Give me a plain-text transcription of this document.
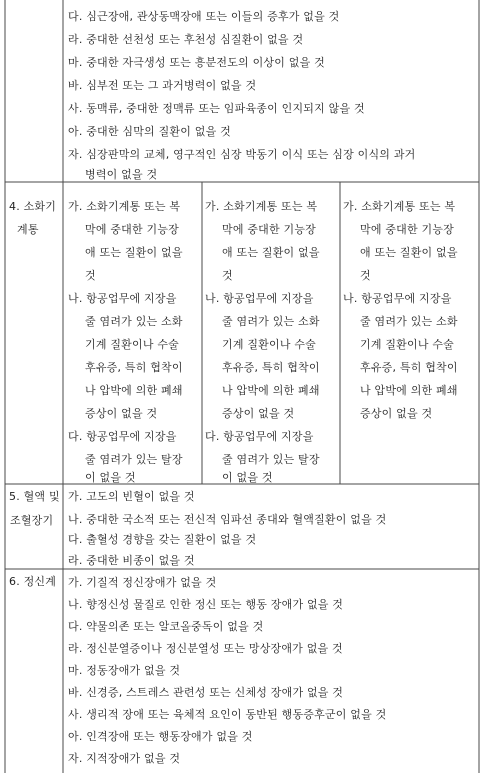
다. 심근장애, 관상동맥장애 또는 이들의 증후가 없을 것
라. 중대한 선천성 또는 후천성 심질환이 없을 것
마. 중대한 자극생성 또는 흥분전도의 이상이 없을 것
바. 심부전 또는 그 과거병력이 없을 것
사. 동맥류, 중대한 정맥류 또는 임파육종이 인지되지 않을 것
아. 중대한 심막의 질환이 없을 것
자. 심장판막의 교체, 영구적인 심장 박동기 이식 또는 심장 이식의 과거
병력이 없을 것
4. 소화기
계통
가. 소화기계통 또는 복
막에 중대한 기능장
애 또는 질환이 없을
것
나. 항공업무에 지장을
줄 염려가 있는 소화
기계 질환이나 수술
후유증, 특히 협착이
나 압박에 의한 폐쇄
증상이 없을 것
다. 항공업무에 지장을
줄 염려가 있는 탈장
이 없을 것
가. 소화기계통 또는 복
막에 중대한 기능장
애 또는 질환이 없을
것
나. 항공업무에 지장을
줄 염려가 있는 소화
기계 질환이나 수술
후유증, 특히 협착이
나 압박에 의한 폐쇄
증상이 없을 것
다. 항공업무에 지장을
줄 염려가 있는 탈장
이 없을 것
가. 소화기계통 또는 복
막에 중대한 기능장
애 또는 질환이 없을
것
나. 항공업무에 지장을
줄 염려가 있는 소화
기계 질환이나 수술
후유증, 특히 협착이
나 압박에 의한 폐쇄
증상이 없을 것
5. 혈액 및
조혈장기
가. 고도의 빈혈이 없을 것
나. 중대한 국소적 또는 전신적 임파선 종대와 혈액질환이 없을 것
다. 출혈성 경향을 갖는 질환이 없을 것
라. 중대한 비종이 없을 것
6. 정신계 가. 기질적 정신장애가 없을 것
나. 향정신성 물질로 인한 정신 또는 행동 장애가 없을 것
다. 약물의존 또는 알코올중독이 없을 것
라. 정신분열증이나 정신분열성 또는 망상장애가 없을 것
마. 정동장애가 없을 것
바. 신경증, 스트레스 관련성 또는 신체성 장애가 없을 것
사. 생리적 장애 또는 육체적 요인이 동반된 행동증후군이 없을 것
아. 인격장애 또는 행동장애가 없을 것
자. 지적장애가 없을 것
